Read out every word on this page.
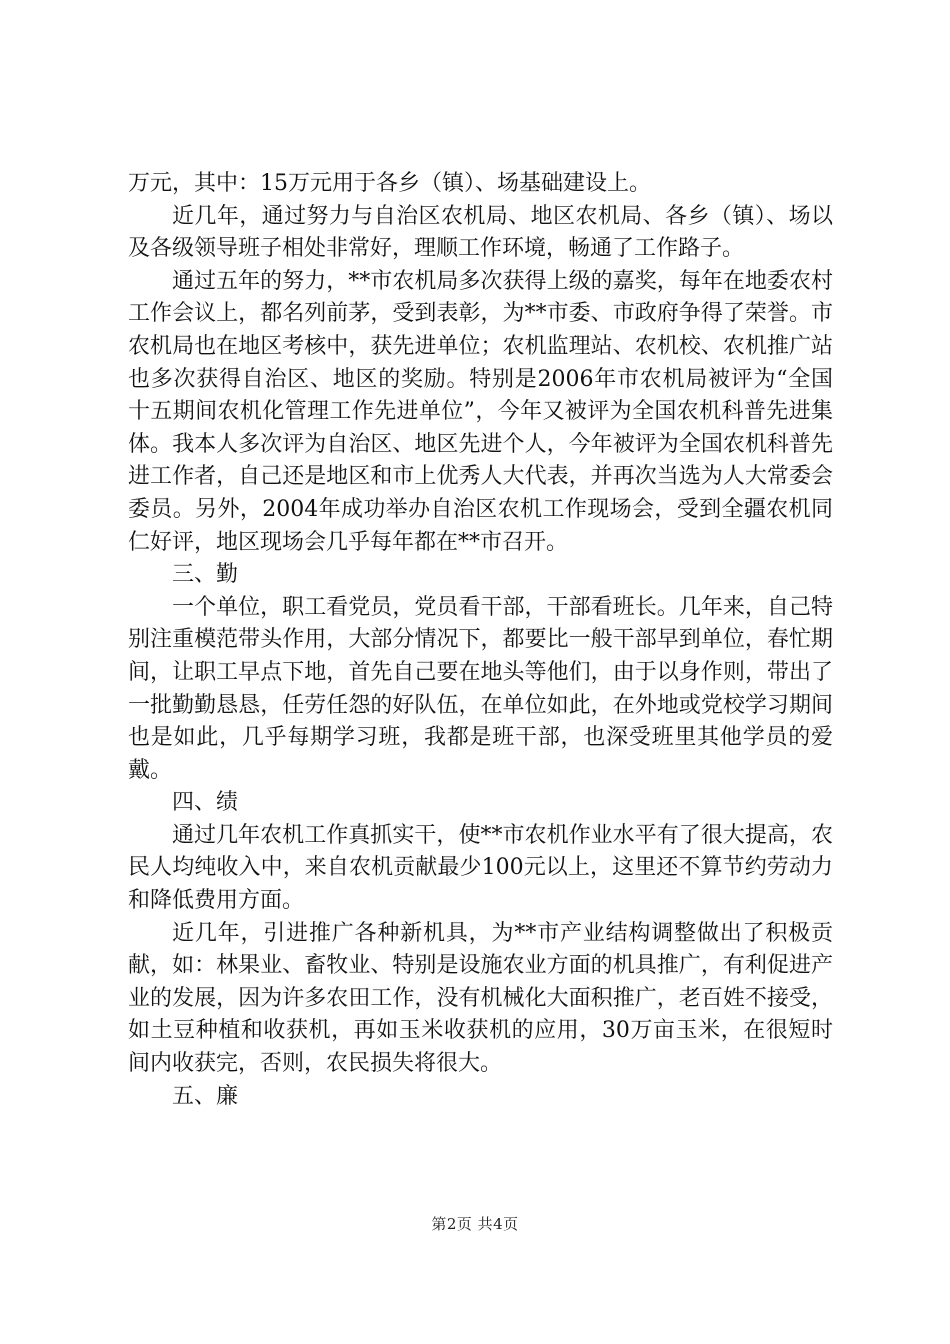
万元，其中：15万元用于各乡（镇）、场基础建设上。

近几年，通过努力与自治区农机局、地区农机局、各乡（镇）、场以及各级领导班子相处非常好，理顺工作环境，畅通了工作路子。

通过五年的努力，**市农机局多次获得上级的嘉奖，每年在地委农村工作会议上，都名列前茅，受到表彰，为**市委、市政府争得了荣誉。市农机局也在地区考核中，获先进单位；农机监理站、农机校、农机推广站也多次获得自治区、地区的奖励。特别是2006年市农机局被评为“全国十五期间农机化管理工作先进单位”，今年又被评为全国农机科普先进集体。我本人多次评为自治区、地区先进个人，今年被评为全国农机科普先进工作者，自己还是地区和市上优秀人大代表，并再次当选为人大常委会委员。另外，2004年成功举办自治区农机工作现场会，受到全疆农机同仁好评，地区现场会几乎每年都在**市召开。

三、勤

一个单位，职工看党员，党员看干部，干部看班长。几年来，自己特别注重模范带头作用，大部分情况下，都要比一般干部早到单位，春忙期间，让职工早点下地，首先自己要在地头等他们，由于以身作则，带出了一批勤勤恳恳，任劳任怨的好队伍，在单位如此，在外地或党校学习期间也是如此，几乎每期学习班，我都是班干部，也深受班里其他学员的爱戴。

四、绩

通过几年农机工作真抓实干，使**市农机作业水平有了很大提高，农民人均纯收入中，来自农机贡献最少100元以上，这里还不算节约劳动力和降低费用方面。

近几年，引进推广各种新机具，为**市产业结构调整做出了积极贡献，如：林果业、畜牧业、特别是设施农业方面的机具推广，有利促进产业的发展，因为许多农田工作，没有机械化大面积推广，老百姓不接受，如土豆种植和收获机，再如玉米收获机的应用，30万亩玉米，在很短时间内收获完，否则，农民损失将很大。

五、廉

第2页 共4页
